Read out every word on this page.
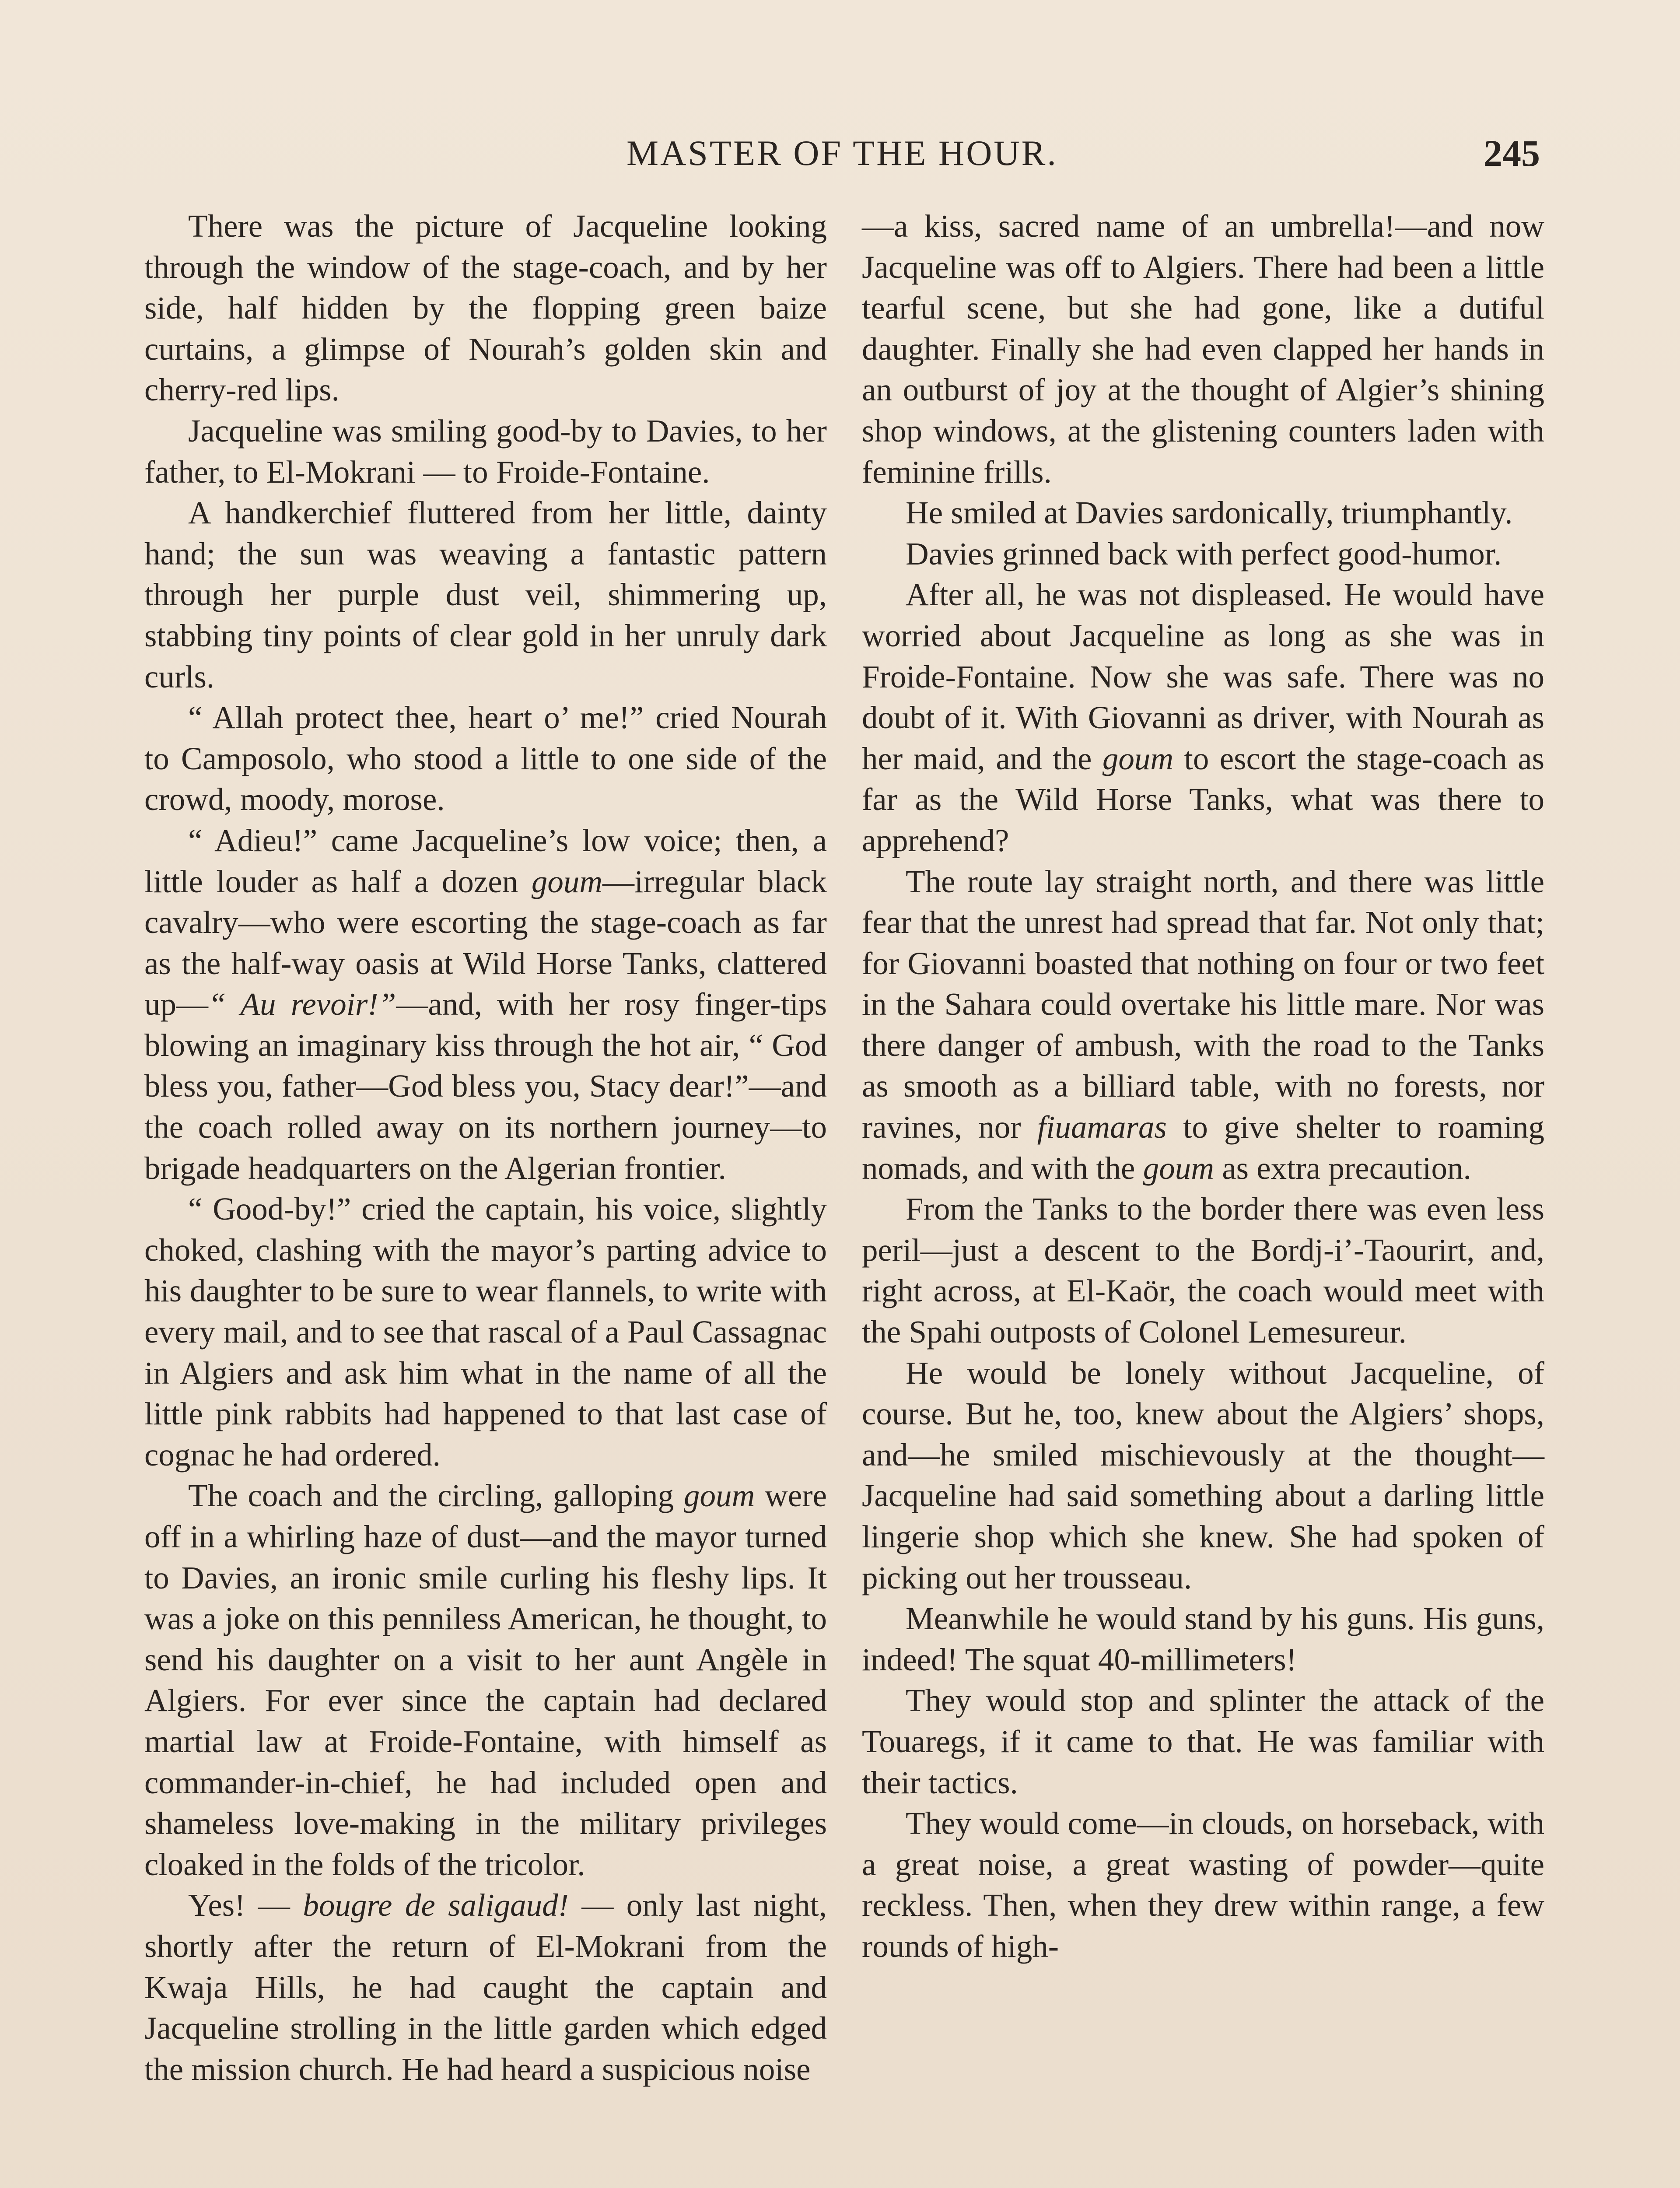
MASTER OF THE HOUR.	245

There was the picture of Jacqueline looking through the window of the stage-coach, and by her side, half hidden by the flopping green baize curtains, a glimpse of Nourah’s golden skin and cherry-red lips.

Jacqueline was smiling good-by to Davies, to her father, to El-Mokrani — to Froide-Fontaine.

A handkerchief fluttered from her little, dainty hand; the sun was weaving a fantastic pattern through her purple dust veil, shimmering up, stabbing tiny points of clear gold in her unruly dark curls.

“ Allah protect thee, heart o’ me!” cried Nourah to Camposolo, who stood a little to one side of the crowd, moody, morose.

“ Adieu!” came Jacqueline’s low voice; then, a little louder as half a dozen goum—irregular black cavalry—who were escorting the stage-coach as far as the half-way oasis at Wild Horse Tanks, clattered up—“ Au revoir!”—and, with her rosy finger-tips blowing an imaginary kiss through the hot air, “ God bless you, father—God bless you, Stacy dear!”—and the coach rolled away on its northern journey—to brigade headquarters on the Algerian frontier.

“ Good-by!” cried the captain, his voice, slightly choked, clashing with the mayor’s parting advice to his daughter to be sure to wear flannels, to write with every mail, and to see that rascal of a Paul Cassagnac in Algiers and ask him what in the name of all the little pink rabbits had happened to that last case of cognac he had ordered.

The coach and the circling, galloping goum were off in a whirling haze of dust—and the mayor turned to Davies, an ironic smile curling his fleshy lips. It was a joke on this penniless American, he thought, to send his daughter on a visit to her aunt Angèle in Algiers. For ever since the captain had declared martial law at Froide-Fontaine, with himself as commander-in-chief, he had included open and shameless love-making in the military privileges cloaked in the folds of the tricolor.

Yes! — bougre de saligaud! — only last night, shortly after the return of El-Mokrani from the Kwaja Hills, he had caught the captain and Jacqueline strolling in the little garden which edged the mission church. He had heard a suspicious noise

—a kiss, sacred name of an umbrella!—and now Jacqueline was off to Algiers. There had been a little tearful scene, but she had gone, like a dutiful daughter. Finally she had even clapped her hands in an outburst of joy at the thought of Algier’s shining shop windows, at the glistening counters laden with feminine frills.

He smiled at Davies sardonically, triumphantly.

Davies grinned back with perfect good-humor.

After all, he was not displeased. He would have worried about Jacqueline as long as she was in Froide-Fontaine. Now she was safe. There was no doubt of it. With Giovanni as driver, with Nourah as her maid, and the goum to escort the stage-coach as far as the Wild Horse Tanks, what was there to apprehend?

The route lay straight north, and there was little fear that the unrest had spread that far. Not only that; for Giovanni boasted that nothing on four or two feet in the Sahara could overtake his little mare. Nor was there danger of ambush, with the road to the Tanks as smooth as a billiard table, with no forests, nor ravines, nor fiuamaras to give shelter to roaming nomads, and with the goum as extra precaution.

From the Tanks to the border there was even less peril—just a descent to the Bordj-i’-Taourirt, and, right across, at El-Kaör, the coach would meet with the Spahi outposts of Colonel Lemesureur.

He would be lonely without Jacqueline, of course. But he, too, knew about the Algiers’ shops, and—he smiled mischievously at the thought—Jacqueline had said something about a darling little lingerie shop which she knew. She had spoken of picking out her trousseau.

Meanwhile he would stand by his guns. His guns, indeed! The squat 40-millimeters!

They would stop and splinter the attack of the Touaregs, if it came to that. He was familiar with their tactics.

They would come—in clouds, on horseback, with a great noise, a great wasting of powder—quite reckless. Then, when they drew within range, a few rounds of high-
